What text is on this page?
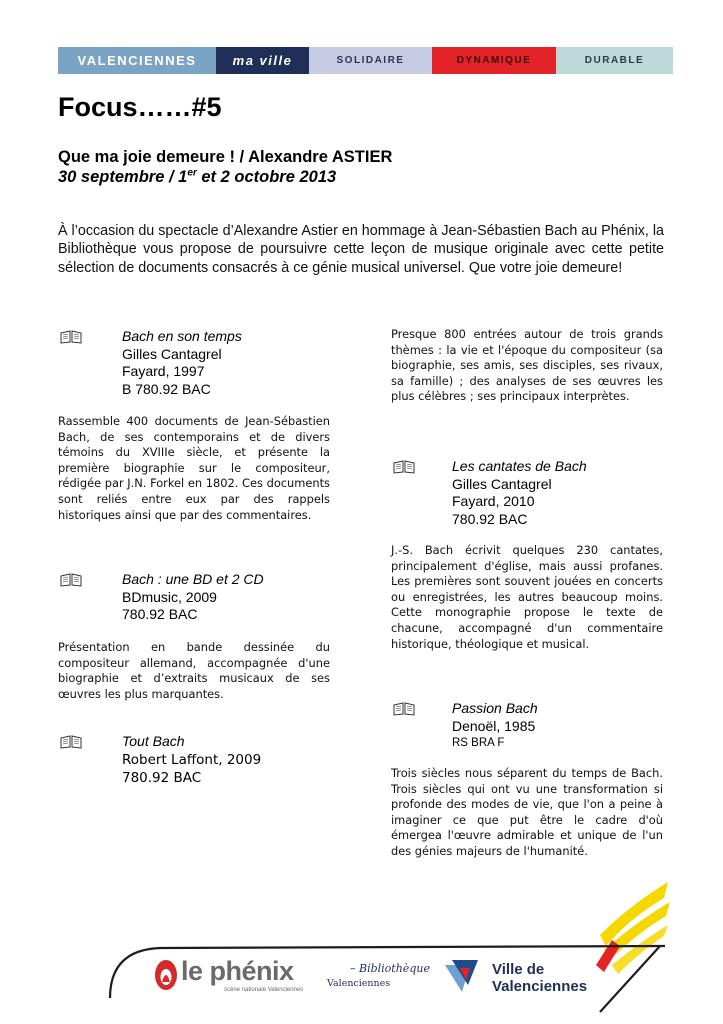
VALENCIENNES	ma ville	SOLIDAIRE	DYNAMIQUE	DURABLE
Focus……#5
Que ma joie demeure ! / Alexandre ASTIER
30 septembre / 1er et 2 octobre 2013
À l’occasion du spectacle d’Alexandre Astier en hommage à Jean-Sébastien Bach au Phénix, la Bibliothèque vous propose de poursuivre cette leçon de musique originale avec cette petite sélection de documents consacrés à ce génie musical universel. Que votre joie demeure!
Bach en son temps
Gilles Cantagrel
Fayard, 1997
B 780.92 BAC
Rassemble 400 documents de Jean-Sébastien Bach, de ses contemporains et de divers témoins du XVIIIe siècle, et présente la première biographie sur le compositeur, rédigée par J.N. Forkel en 1802. Ces documents sont reliés entre eux par des rappels historiques ainsi que par des commentaires.
Bach : une BD et 2 CD
BDmusic, 2009
780.92 BAC
Présentation en bande dessinée du compositeur allemand, accompagnée d'une biographie et d’extraits musicaux de ses œuvres les plus marquantes.
Tout Bach
Robert Laffont, 2009
780.92 BAC
Presque 800 entrées autour de trois grands thèmes : la vie et l'époque du compositeur (sa biographie, ses amis, ses disciples, ses rivaux, sa famille) ; des analyses de ses œuvres les plus célèbres ; ses principaux interprètes.
Les cantates de Bach
Gilles Cantagrel
Fayard, 2010
780.92 BAC
J.-S. Bach écrivit quelques 230 cantates, principalement d'église, mais aussi profanes. Les premières sont souvent jouées en concerts ou enregistrées, les autres beaucoup moins. Cette monographie propose le texte de chacune, accompagné d'un commentaire historique, théologique et musical.
Passion Bach
Denoël, 1985
RS BRA F
Trois siècles nous séparent du temps de Bach. Trois siècles qui ont vu une transformation si profonde des modes de vie, que l'on a peine à imaginer ce que put être le cadre d'où émergea l'œuvre admirable et unique de l'un des génies majeurs de l'humanité.
le phénix
scène nationale Valenciennes
– Bibliothèque
Valenciennes
Ville de
Valenciennes
